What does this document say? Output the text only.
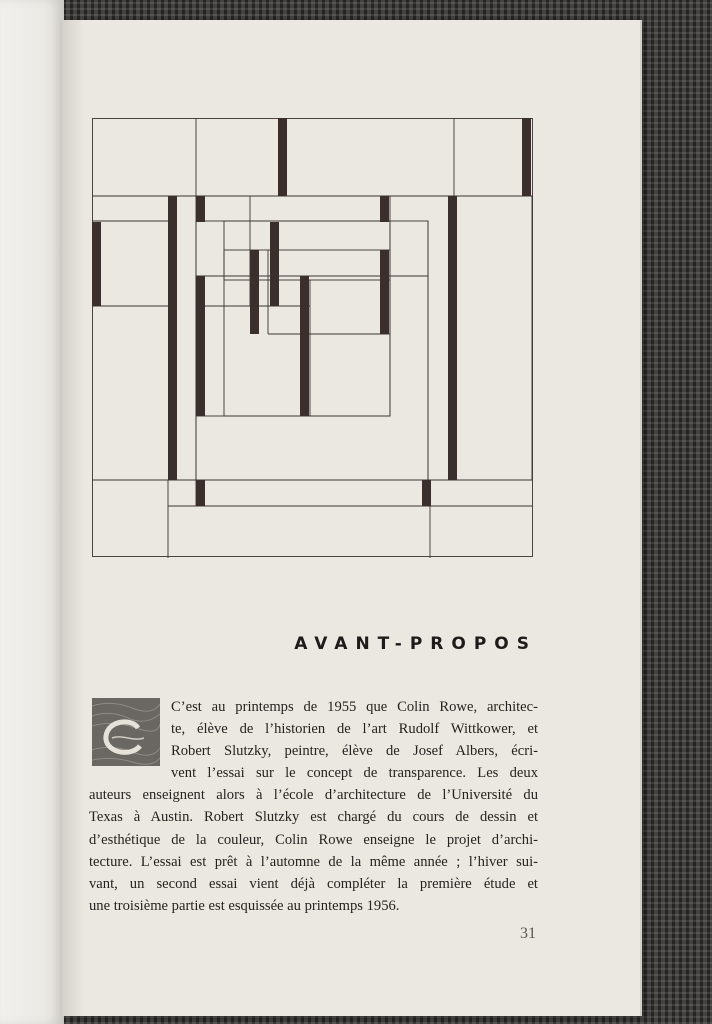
AVANT-PROPOS
C’est au printemps de 1955 que Colin Rowe, architec-
te, élève de l’historien de l’art Rudolf Wittkower, et
Robert Slutzky, peintre, élève de Josef Albers, écri-
vent l’essai sur le concept de transparence. Les deux
auteurs enseignent alors à l’école d’architecture de l’Université du
Texas à Austin. Robert Slutzky est chargé du cours de dessin et
d’esthétique de la couleur, Colin Rowe enseigne le projet d’archi-
tecture. L’essai est prêt à l’automne de la même année ; l’hiver sui-
vant, un second essai vient déjà compléter la première étude et
une troisième partie est esquissée au printemps 1956.
31
